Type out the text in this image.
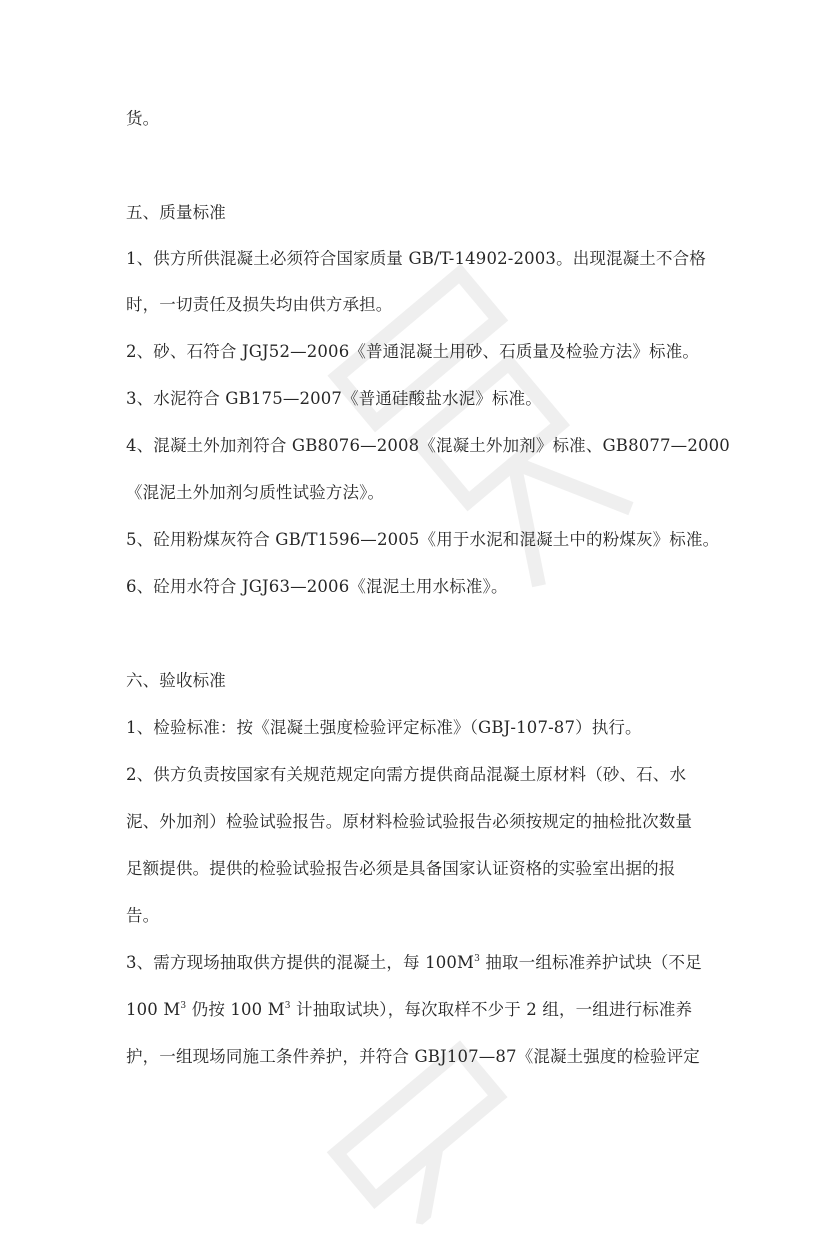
货。
五、质量标准
1、供方所供混凝土必须符合国家质量 GB/T-14902-2003。出现混凝土不合格
时，一切责任及损失均由供方承担。
2、砂、石符合 JGJ52—2006《普通混凝土用砂、石质量及检验方法》标准。
3、水泥符合 GB175—2007《普通硅酸盐水泥》标准。
4、混凝土外加剂符合 GB8076—2008《混凝土外加剂》标准、GB8077—2000
《混泥土外加剂匀质性试验方法》。
5、砼用粉煤灰符合 GB/T1596—2005《用于水泥和混凝土中的粉煤灰》标准。
6、砼用水符合 JGJ63—2006《混泥土用水标准》。
六、验收标准
1、检验标准：按《混凝土强度检验评定标准》（GBJ-107-87）执行。
2、供方负责按国家有关规范规定向需方提供商品混凝土原材料（砂、石、水
泥、外加剂）检验试验报告。原材料检验试验报告必须按规定的抽检批次数量
足额提供。提供的检验试验报告必须是具备国家认证资格的实验室出据的报
告。
3、需方现场抽取供方提供的混凝土，每 $100M^3$ 抽取一组标准养护试块（不足
100 $M^3$ 仍按 100 $M^3$ 计抽取试块），每次取样不少于 2 组，一组进行标准养
护，一组现场同施工条件养护，并符合 GBJ107—87《混凝土强度的检验评定
